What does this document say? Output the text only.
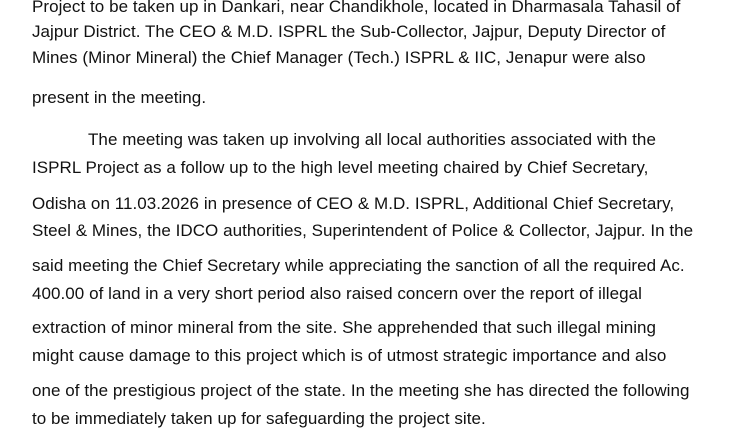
Project to be taken up in Dankari, near Chandikhole, located in Dharmasala Tahasil of
Jajpur District. The CEO & M.D. ISPRL the Sub-Collector, Jajpur, Deputy Director of
Mines (Minor Mineral) the Chief Manager (Tech.) ISPRL & IIC, Jenapur were also
present in the meeting.
The meeting was taken up involving all local authorities associated with the
ISPRL Project as a follow up to the high level meeting chaired by Chief Secretary,
Odisha on 11.03.2026 in presence of CEO & M.D. ISPRL, Additional Chief Secretary,
Steel & Mines, the IDCO authorities, Superintendent of Police & Collector, Jajpur. In the
said meeting the Chief Secretary while appreciating the sanction of all the required Ac.
400.00 of land in a very short period also raised concern over the report of illegal
extraction of minor mineral from the site. She apprehended that such illegal mining
might cause damage to this project which is of utmost strategic importance and also
one of the prestigious project of the state. In the meeting she has directed the following
to be immediately taken up for safeguarding the project site.
